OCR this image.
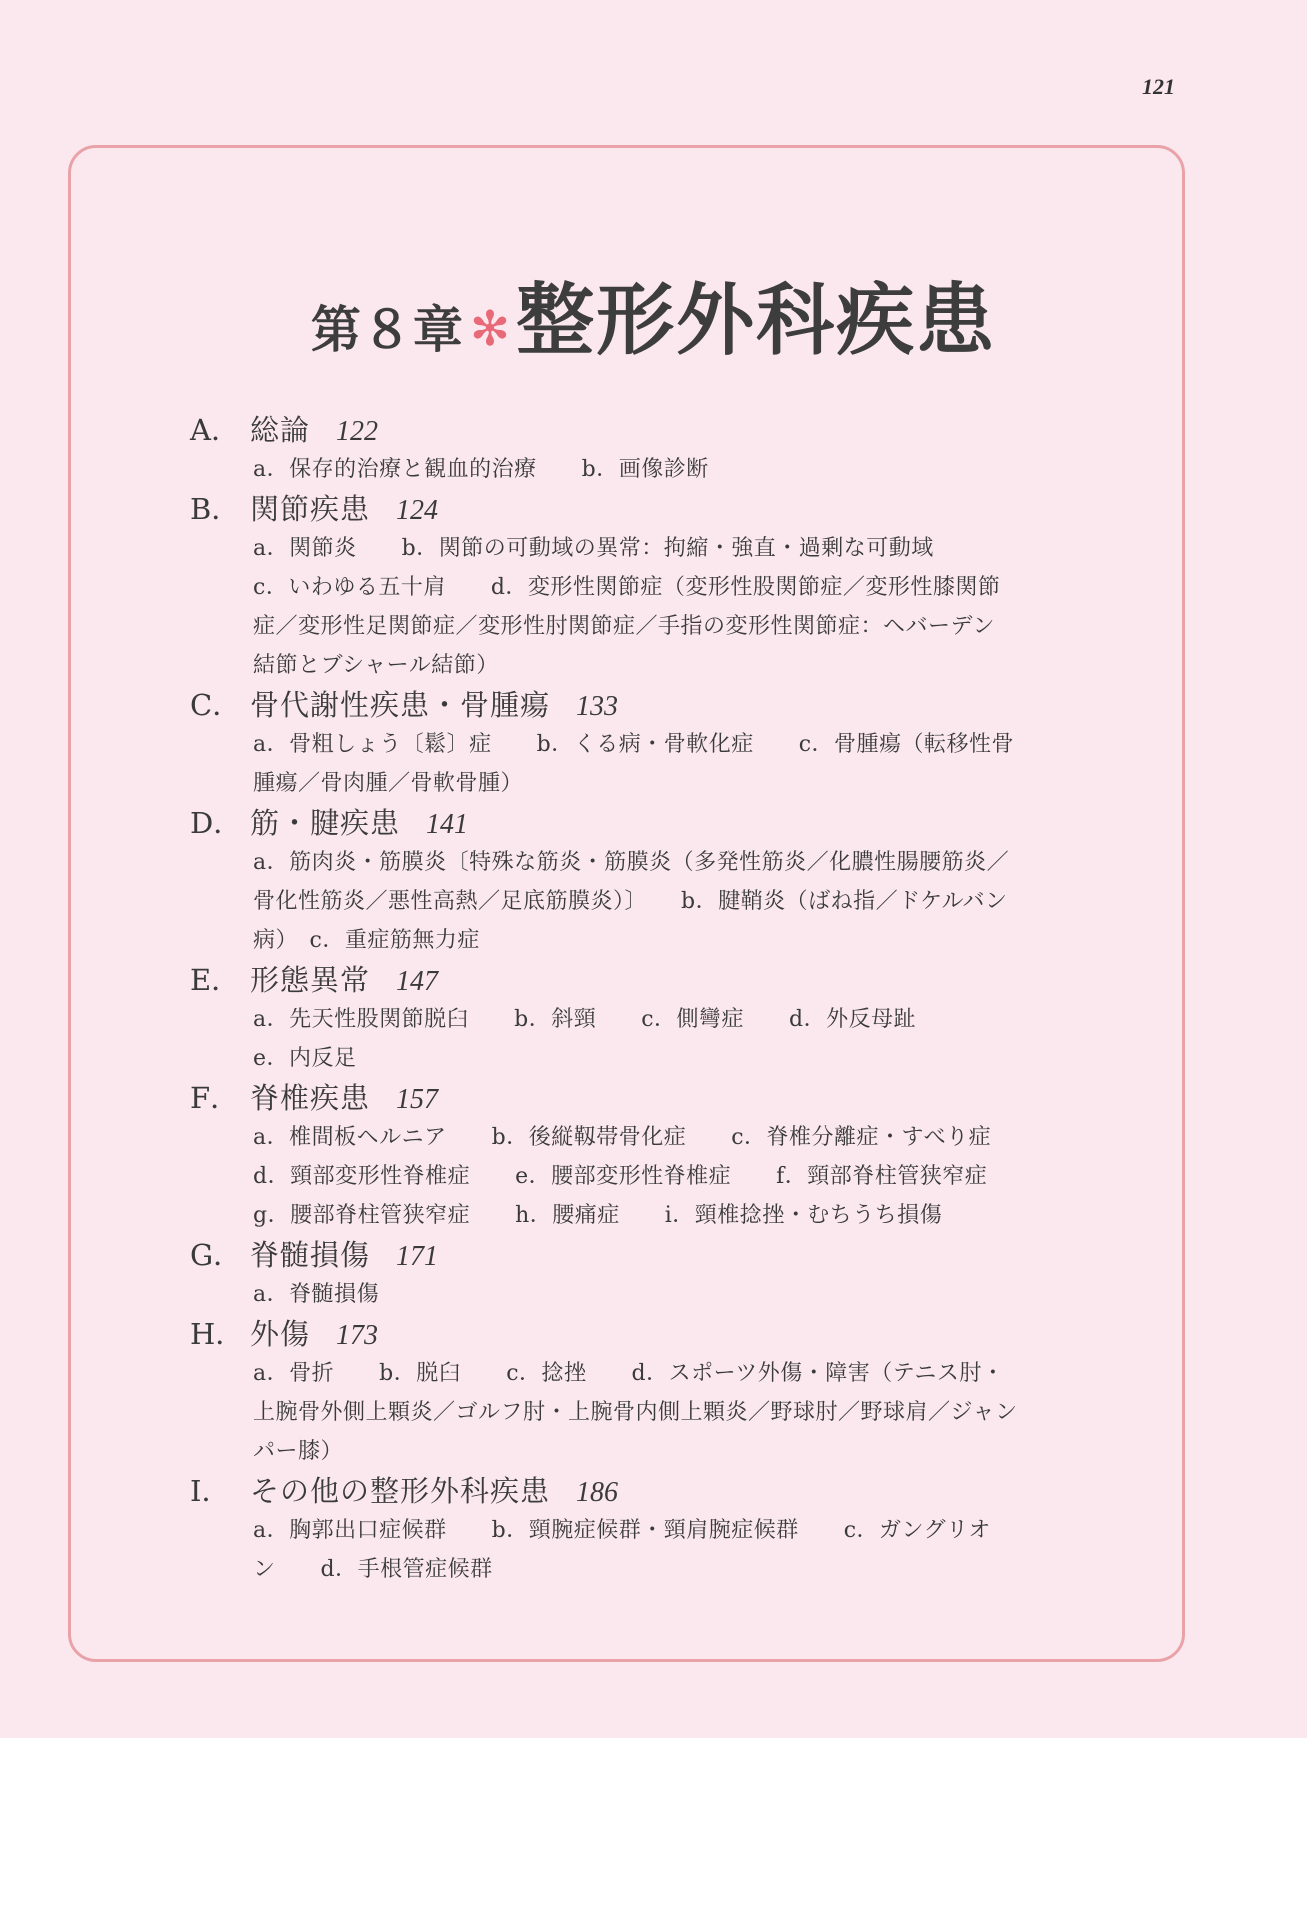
121
第８章 ✻ 整形外科疾患
A． 総論 122
a．保存的治療と観血的治療　　b．画像診断
B． 関節疾患 124
a．関節炎　　b．関節の可動域の異常：拘縮・強直・過剰な可動域
c．いわゆる五十肩　　d．変形性関節症（変形性股関節症／変形性膝関節
症／変形性足関節症／変形性肘関節症／手指の変形性関節症：ヘバーデン
結節とブシャール結節）
C． 骨代謝性疾患・骨腫瘍 133
a．骨粗しょう〔鬆〕症　　b．くる病・骨軟化症　　c．骨腫瘍（転移性骨
腫瘍／骨肉腫／骨軟骨腫）
D． 筋・腱疾患 141
a．筋肉炎・筋膜炎〔特殊な筋炎・筋膜炎（多発性筋炎／化膿性腸腰筋炎／
骨化性筋炎／悪性高熱／足底筋膜炎）〕　　b．腱鞘炎（ばね指／ドケルバン
病）　c．重症筋無力症
E． 形態異常 147
a．先天性股関節脱臼　　b．斜頸　　c．側彎症　　d．外反母趾
e．内反足
F． 脊椎疾患 157
a．椎間板ヘルニア　　b．後縦靱帯骨化症　　c．脊椎分離症・すべり症
d．頸部変形性脊椎症　　e．腰部変形性脊椎症　　f．頸部脊柱管狭窄症
g．腰部脊柱管狭窄症　　h．腰痛症　　i．頸椎捻挫・むちうち損傷
G． 脊髄損傷 171
a．脊髄損傷
H． 外傷 173
a．骨折　　b．脱臼　　c．捻挫　　d．スポーツ外傷・障害（テニス肘・
上腕骨外側上顆炎／ゴルフ肘・上腕骨内側上顆炎／野球肘／野球肩／ジャン
パー膝）
I． その他の整形外科疾患 186
a．胸郭出口症候群　　b．頸腕症候群・頸肩腕症候群　　c．ガングリオ
ン　　d．手根管症候群
